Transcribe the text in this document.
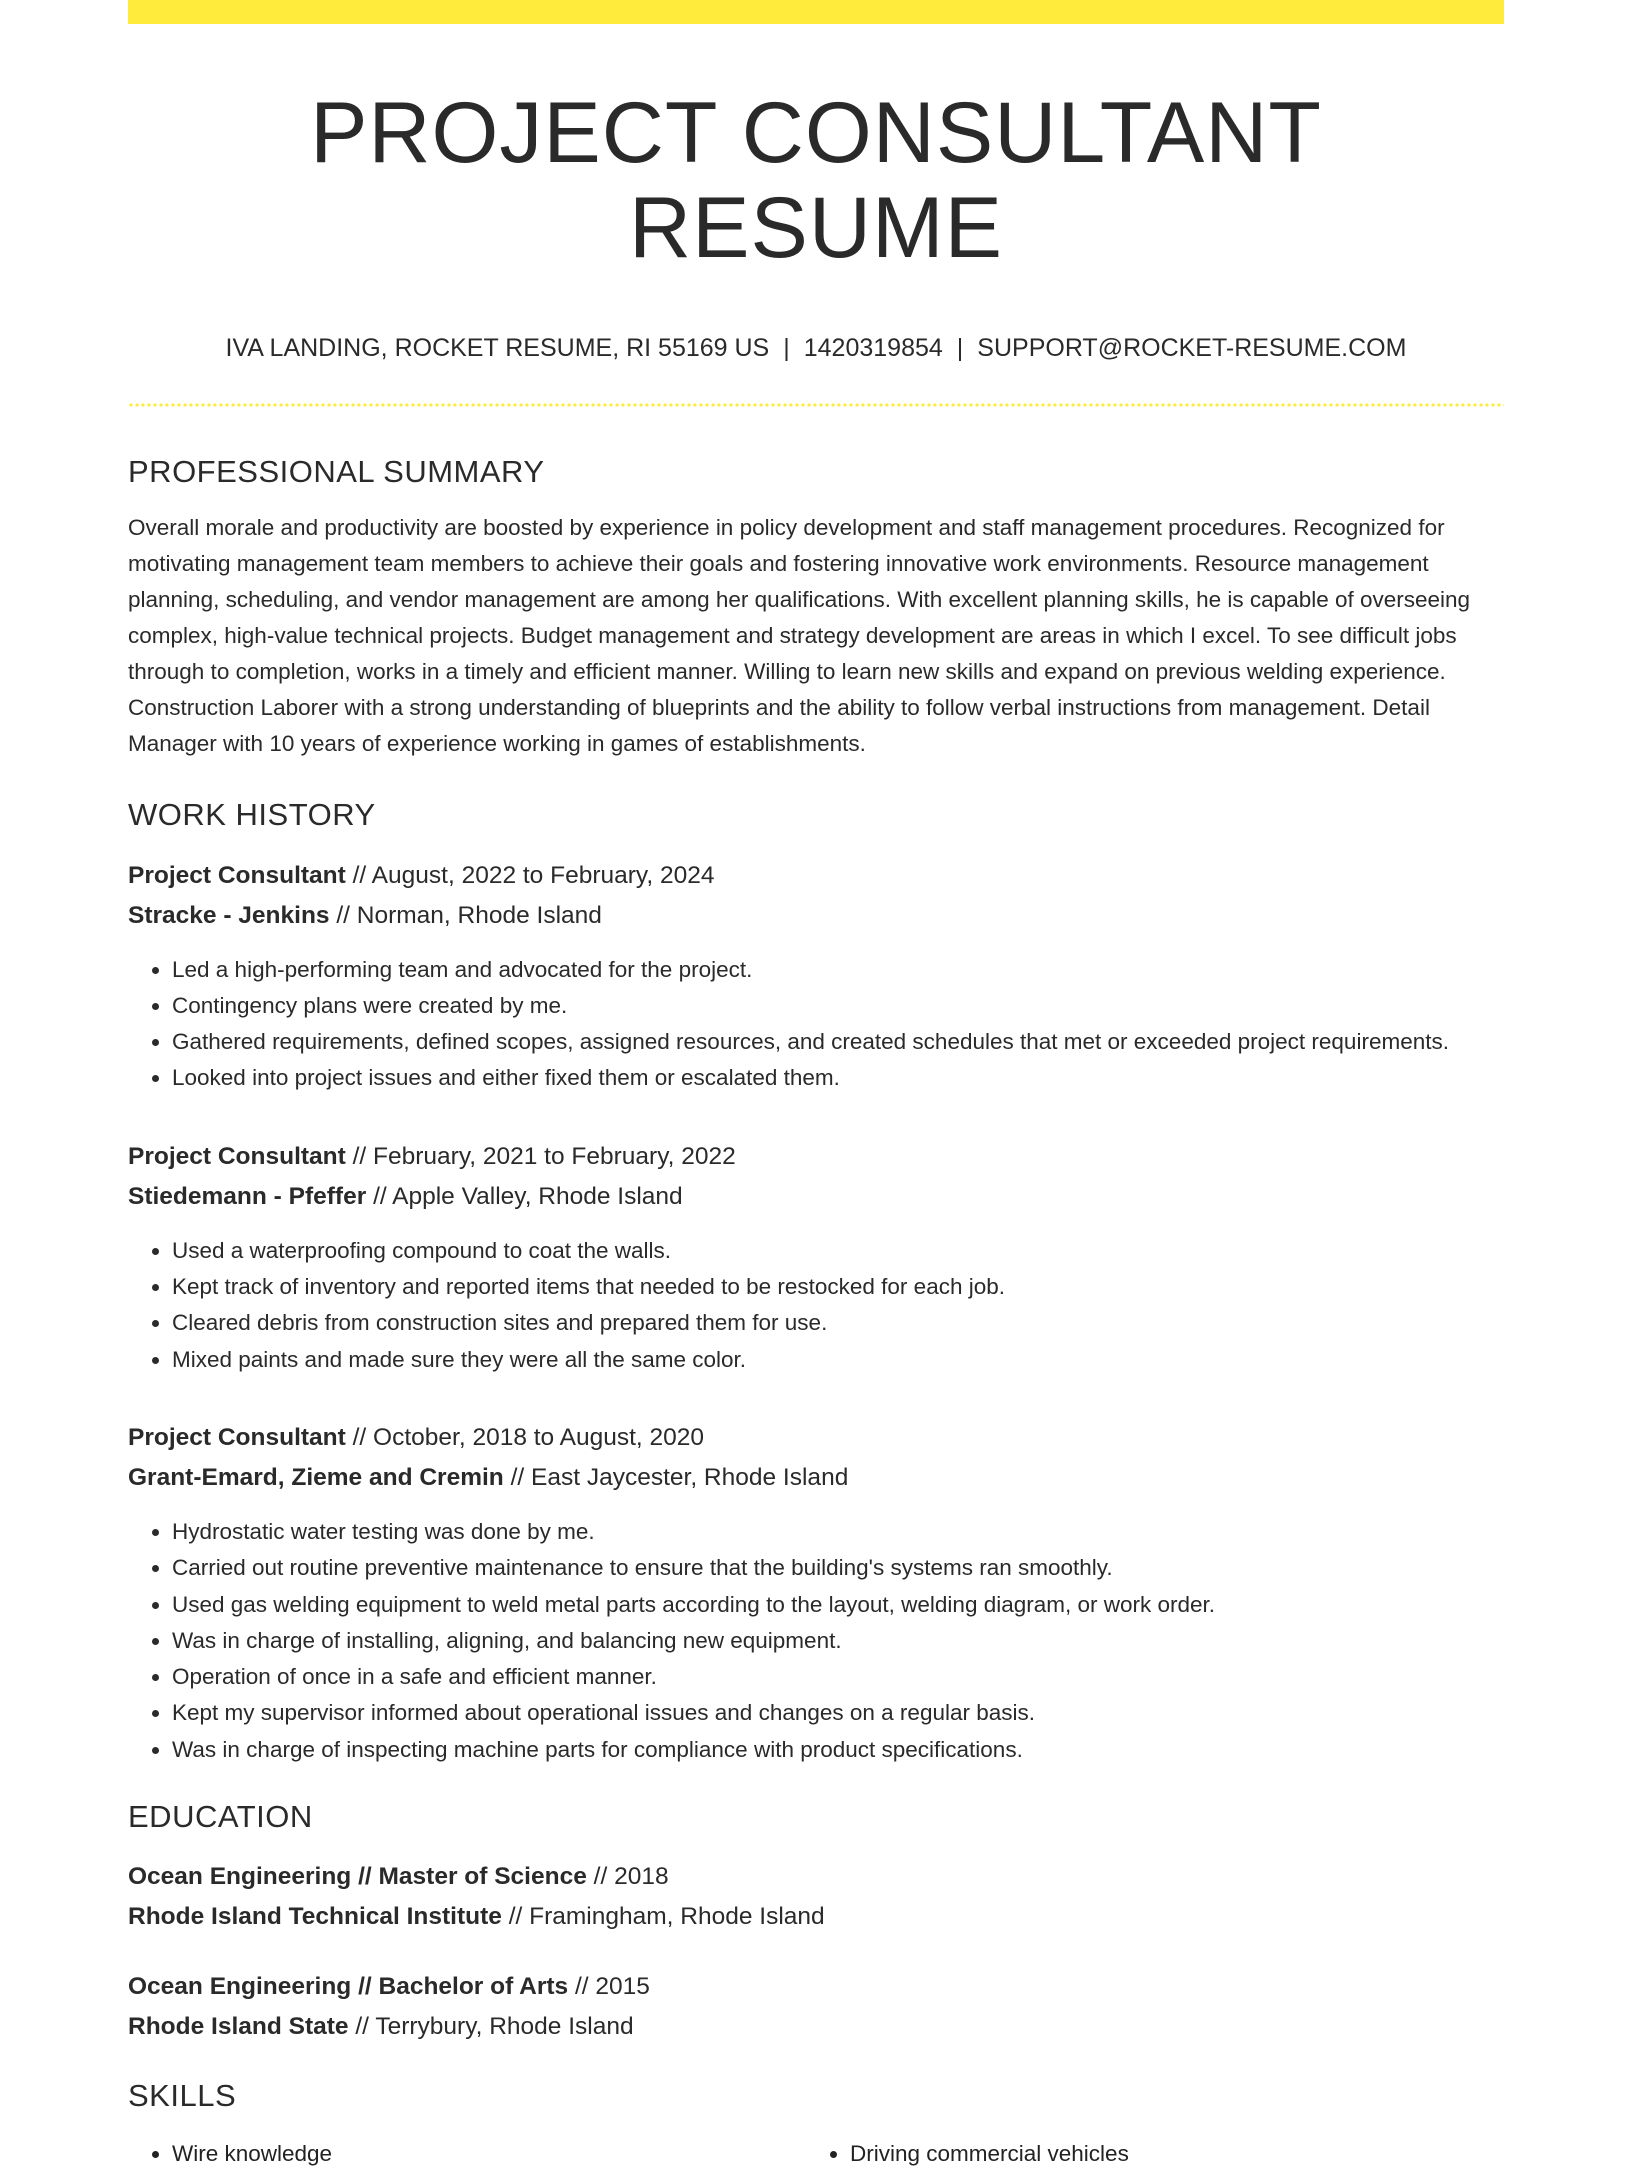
PROJECT CONSULTANT RESUME
IVA LANDING, ROCKET RESUME, RI 55169 US | 1420319854 | SUPPORT@ROCKET-RESUME.COM
PROFESSIONAL SUMMARY

Overall morale and productivity are boosted by experience in policy development and staff management procedures. Recognized for motivating management team members to achieve their goals and fostering innovative work environments. Resource management planning, scheduling, and vendor management are among her qualifications. With excellent planning skills, he is capable of overseeing complex, high-value technical projects. Budget management and strategy development are areas in which I excel. To see difficult jobs through to completion, works in a timely and efficient manner. Willing to learn new skills and expand on previous welding experience. Construction Laborer with a strong understanding of blueprints and the ability to follow verbal instructions from management. Detail Manager with 10 years of experience working in games of establishments.

WORK HISTORY
Project Consultant // August, 2022 to February, 2024
Stracke - Jenkins // Norman, Rhode Island
• Led a high-performing team and advocated for the project.
• Contingency plans were created by me.
• Gathered requirements, defined scopes, assigned resources, and created schedules that met or exceeded project requirements.
• Looked into project issues and either fixed them or escalated them.
Project Consultant // February, 2021 to February, 2022
Stiedemann - Pfeffer // Apple Valley, Rhode Island
• Used a waterproofing compound to coat the walls.
• Kept track of inventory and reported items that needed to be restocked for each job.
• Cleared debris from construction sites and prepared them for use.
• Mixed paints and made sure they were all the same color.
Project Consultant // October, 2018 to August, 2020
Grant-Emard, Zieme and Cremin // East Jaycester, Rhode Island
• Hydrostatic water testing was done by me.
• Carried out routine preventive maintenance to ensure that the building's systems ran smoothly.
• Used gas welding equipment to weld metal parts according to the layout, welding diagram, or work order.
• Was in charge of installing, aligning, and balancing new equipment.
• Operation of once in a safe and efficient manner.
• Kept my supervisor informed about operational issues and changes on a regular basis.
• Was in charge of inspecting machine parts for compliance with product specifications.
EDUCATION
Ocean Engineering // Master of Science // 2018
Rhode Island Technical Institute // Framingham, Rhode Island
Ocean Engineering // Bachelor of Arts // 2015
Rhode Island State // Terrybury, Rhode Island
SKILLS
• Wire knowledge
•	Driving commercial vehicles
